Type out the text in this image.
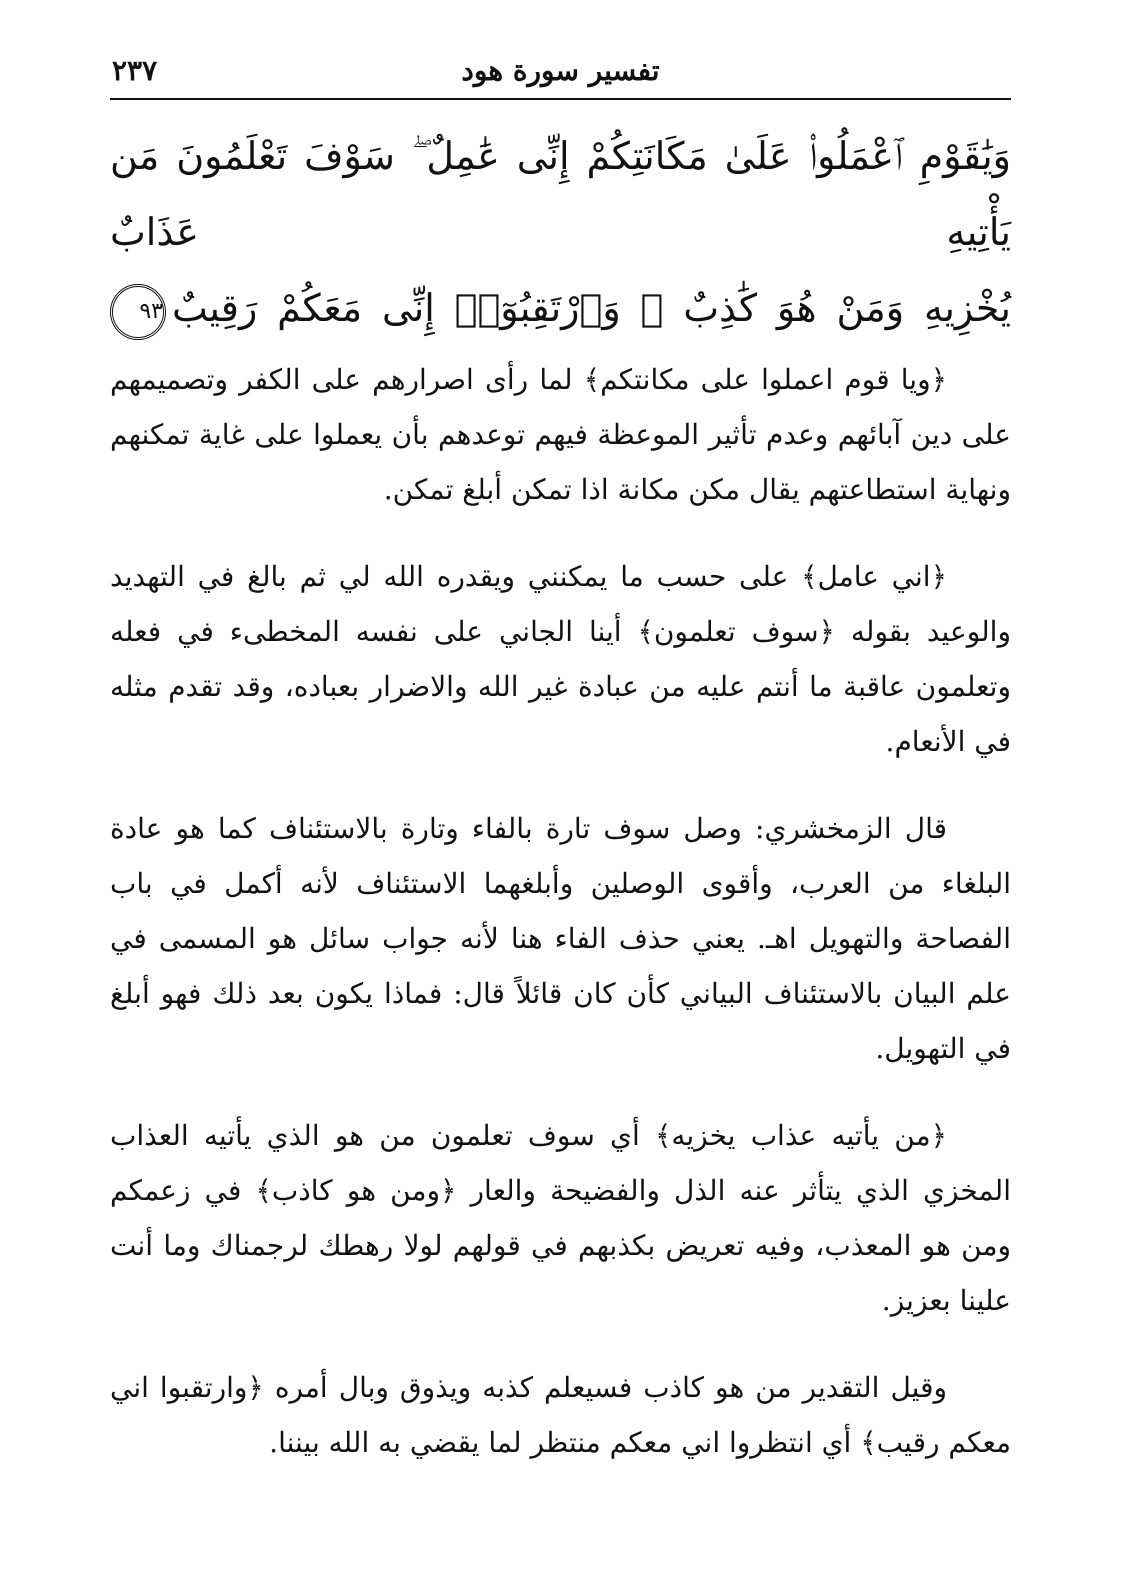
٢٣٧	تفسير سورة هود
وَيَٰقَوْمِ ٱعْمَلُوا۟ عَلَىٰ مَكَانَتِكُمْ إِنِّى عَٰمِلٌ ۖ سَوْفَ تَعْلَمُونَ مَن يَأْتِيهِ عَذَابٌ
يُخْزِيهِ وَمَنْ هُوَ كَٰذِبٌ ۖ وَٱرْتَقِبُوٓا۟ إِنِّى مَعَكُمْ رَقِيبٌ٩٣

﴿ويا قوم اعملوا على مكانتكم﴾ لما رأى اصرارهم على الكفر وتصميمهم على دين آبائهم وعدم تأثير الموعظة فيهم توعدهم بأن يعملوا على غاية تمكنهم ونهاية استطاعتهم يقال مكن مكانة اذا تمكن أبلغ تمكن.

﴿اني عامل﴾ على حسب ما يمكنني ويقدره الله لي ثم بالغ في التهديد والوعيد بقوله ﴿سوف تعلمون﴾ أينا الجاني على نفسه المخطىء في فعله وتعلمون عاقبة ما أنتم عليه من عبادة غير الله والاضرار بعباده، وقد تقدم مثله في الأنعام.

قال الزمخشري: وصل سوف تارة بالفاء وتارة بالاستئناف كما هو عادة البلغاء من العرب، وأقوى الوصلين وأبلغهما الاستئناف لأنه أكمل في باب الفصاحة والتهويل اهـ. يعني حذف الفاء هنا لأنه جواب سائل هو المسمى في علم البيان بالاستئناف البياني كأن كان قائلاً قال: فماذا يكون بعد ذلك فهو أبلغ في التهويل.

﴿من يأتيه عذاب يخزيه﴾ أي سوف تعلمون من هو الذي يأتيه العذاب المخزي الذي يتأثر عنه الذل والفضيحة والعار ﴿ومن هو كاذب﴾ في زعمكم ومن هو المعذب، وفيه تعريض بكذبهم في قولهم لولا رهطك لرجمناك وما أنت علينا بعزيز.

وقيل التقدير من هو كاذب فسيعلم كذبه ويذوق وبال أمره ﴿وارتقبوا اني معكم رقيب﴾ أي انتظروا اني معكم منتظر لما يقضي به الله بيننا.
